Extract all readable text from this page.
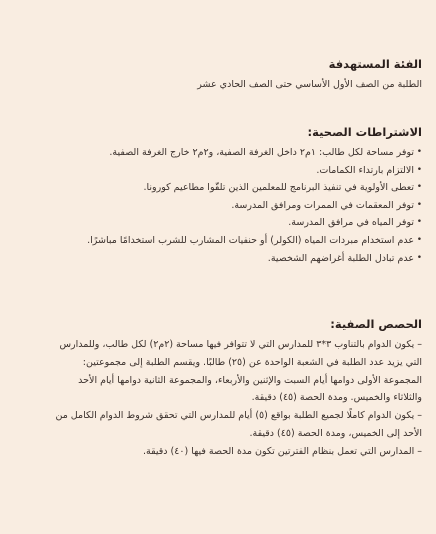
الفئة المستهدفة
الطلبة من الصف الأول الأساسي حتى الصف الحادي عشر
الاشتراطات الصحية:
• توفر مساحة لكل طالب: ١م٢ داخل الغرفة الصفية، و٢م٢ خارج الغرفة الصفية.
• الالتزام بارتداء الكمامات.
• تعطى الأولوية في تنفيذ البرنامج للمعلمين الذين تلقّوا مطاعيم كورونا.
• توفر المعقمات في الممرات ومرافق المدرسة.
• توفر المياه في مرافق المدرسة.
• عدم استخدام مبردات المياه (الكولر) أو حنفيات المشارب للشرب استخدامًا مباشرًا.
• عدم تبادل الطلبة أغراضهم الشخصية.
الحصص الصفية:
– يكون الدوام بالتناوب ٣*٣ للمدارس التي لا تتوافر فيها مساحة (٢م٢) لكل طالب، وللمدارس
التي يزيد عدد الطلبة في الشعبة الواحدة عن (٢٥) طالبًا. ويقسم الطلبة إلى مجموعتين:
المجموعة الأولى دوامها أيام السبت والإثنين والأربعاء، والمجموعة الثانية دوامها أيام الأحد
والثلاثاء والخميس. ومدة الحصة (٤٥) دقيقة.
– يكون الدوام كاملًا لجميع الطلبة بواقع (٥) أيام للمدارس التي تحقق شروط الدوام الكامل من
الأحد إلى الخميس، ومدة الحصة (٤٥) دقيقة.
– المدارس التي تعمل بنظام الفترتين تكون مدة الحصة فيها (٤٠) دقيقة.
